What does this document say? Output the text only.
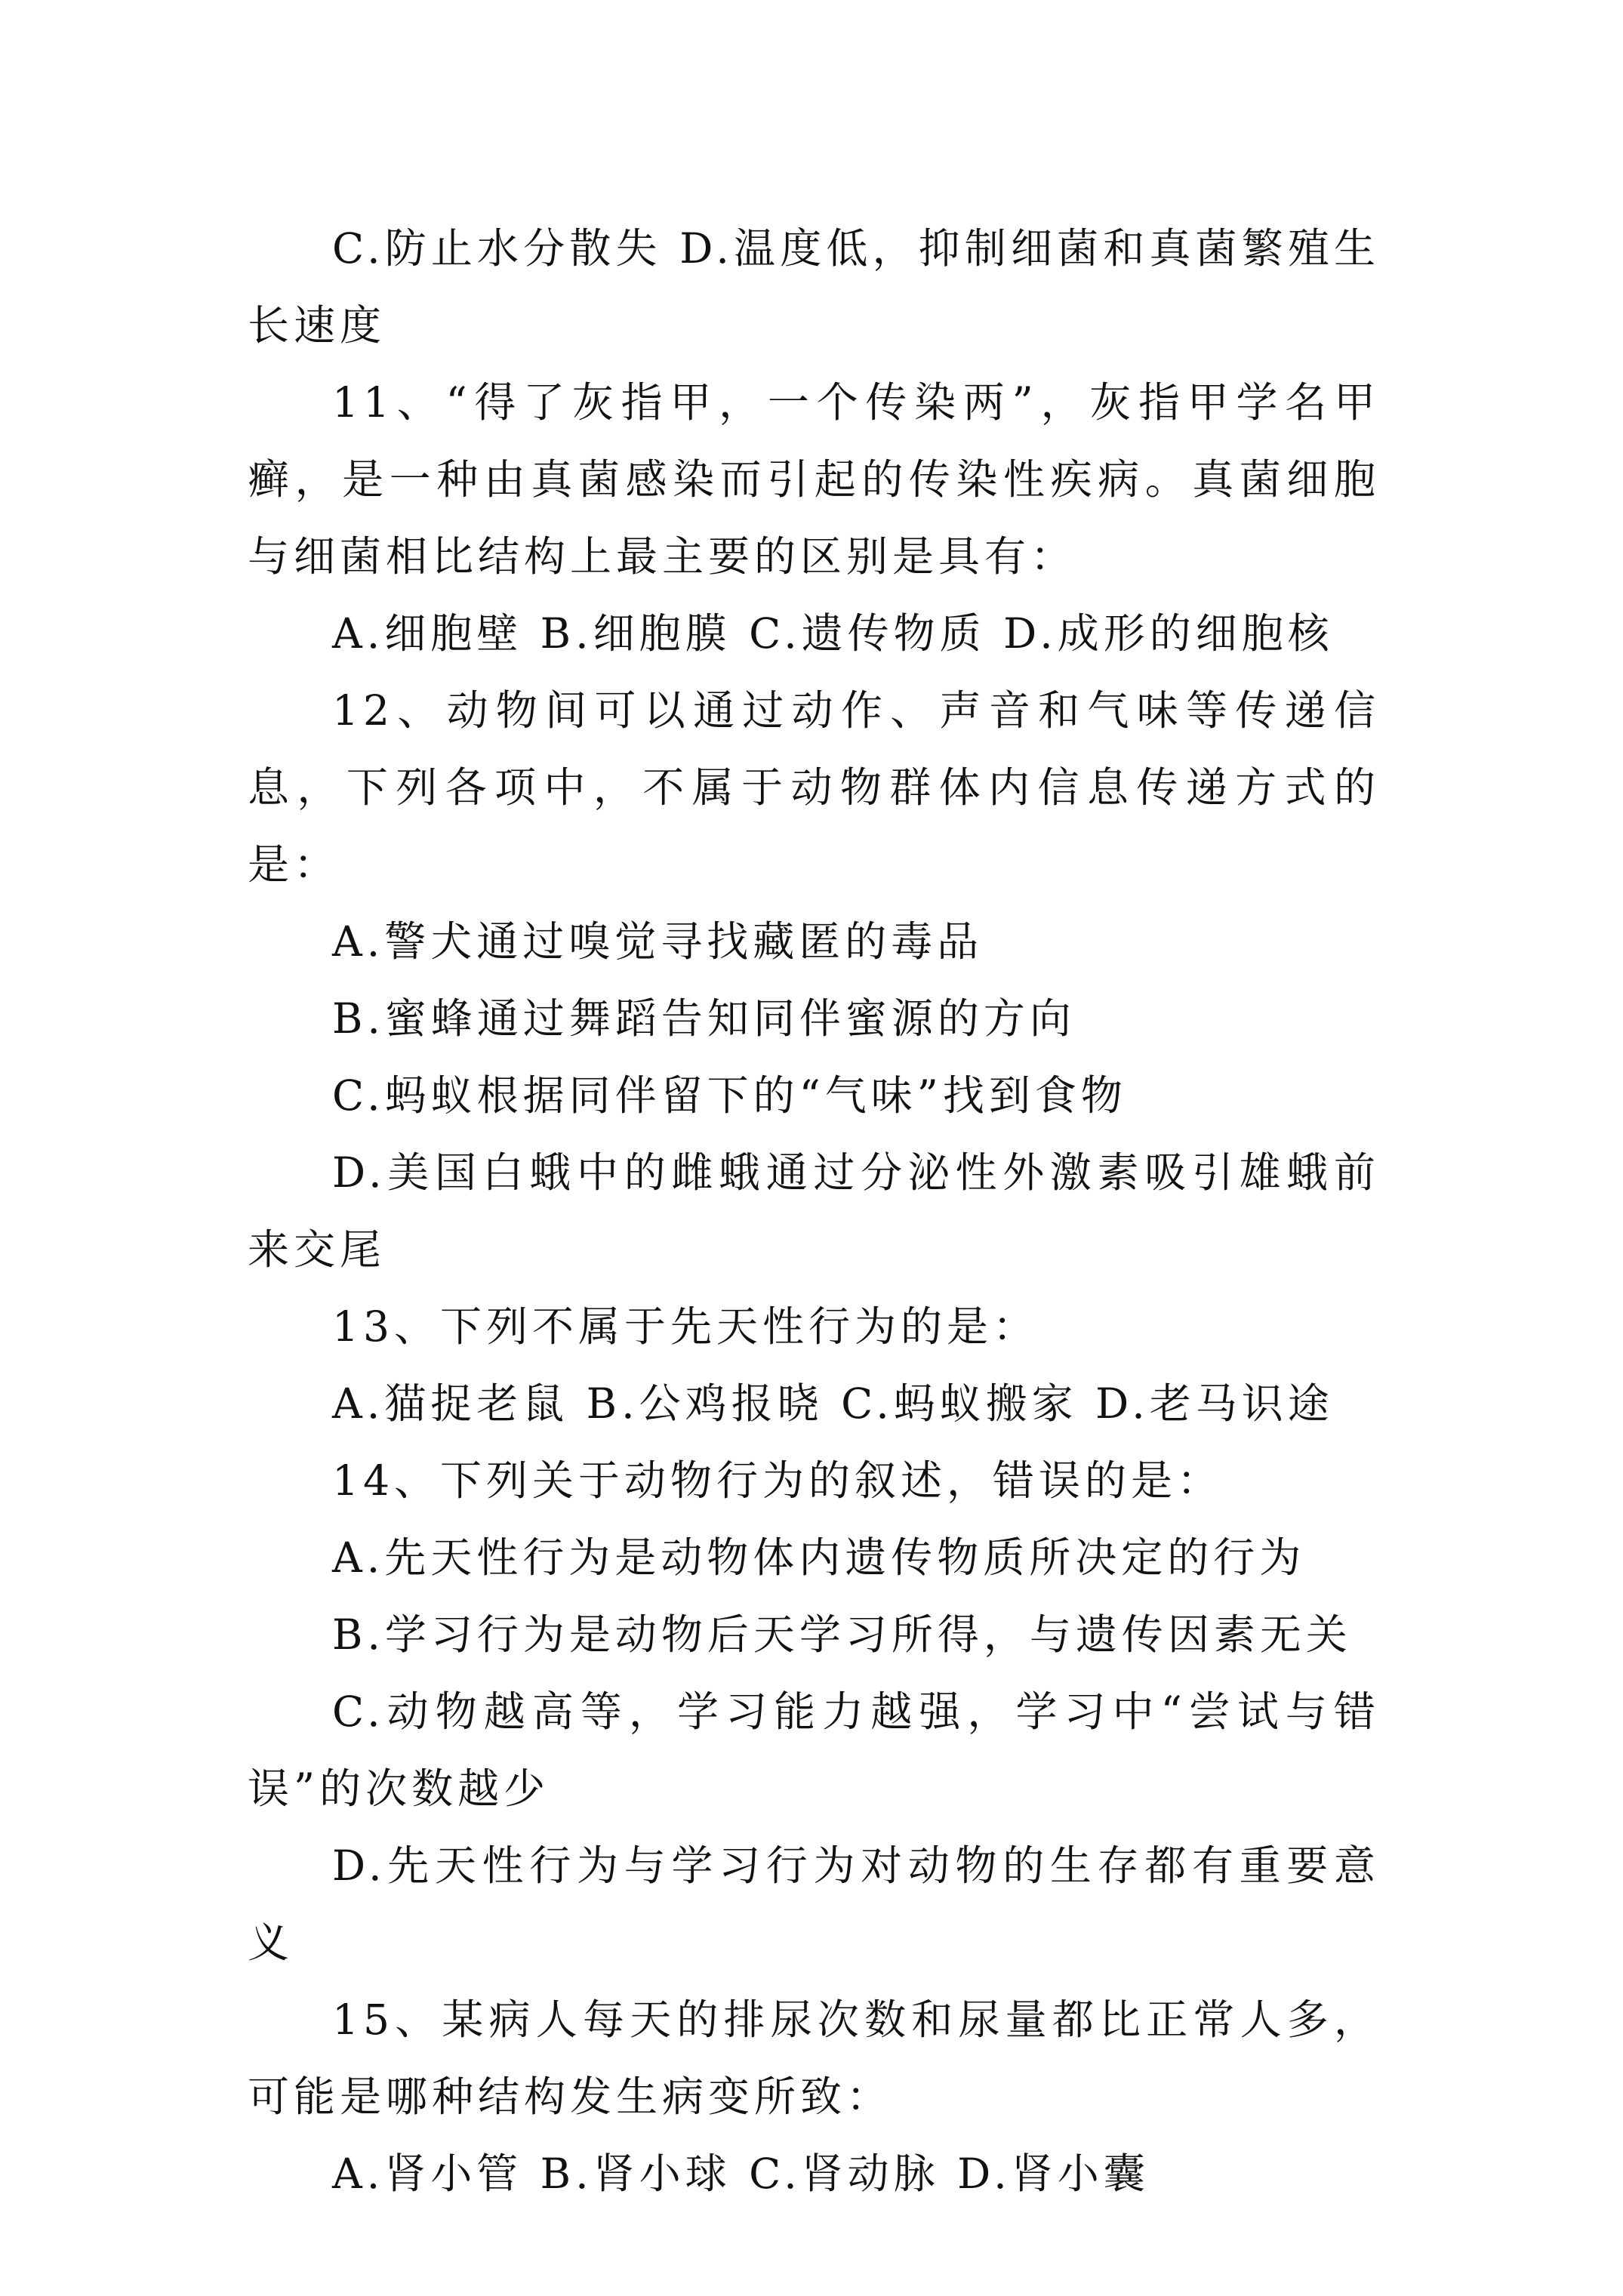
C.防止水分散失 D.温度低，抑制细菌和真菌繁殖生长速度

11、“得了灰指甲，一个传染两”，灰指甲学名甲癣，是一种由真菌感染而引起的传染性疾病。真菌细胞与细菌相比结构上最主要的区别是具有：

A.细胞壁 B.细胞膜 C.遗传物质 D.成形的细胞核

12、动物间可以通过动作、声音和气味等传递信息，下列各项中，不属于动物群体内信息传递方式的是：

A.警犬通过嗅觉寻找藏匿的毒品

B.蜜蜂通过舞蹈告知同伴蜜源的方向

C.蚂蚁根据同伴留下的“气味”找到食物

D.美国白蛾中的雌蛾通过分泌性外激素吸引雄蛾前来交尾

13、下列不属于先天性行为的是：

A.猫捉老鼠 B.公鸡报晓 C.蚂蚁搬家 D.老马识途

14、下列关于动物行为的叙述，错误的是：

A.先天性行为是动物体内遗传物质所决定的行为

B.学习行为是动物后天学习所得，与遗传因素无关

C.动物越高等，学习能力越强，学习中“尝试与错误”的次数越少

D.先天性行为与学习行为对动物的生存都有重要意义

15、某病人每天的排尿次数和尿量都比正常人多，可能是哪种结构发生病变所致：

A.肾小管 B.肾小球 C.肾动脉 D.肾小囊
